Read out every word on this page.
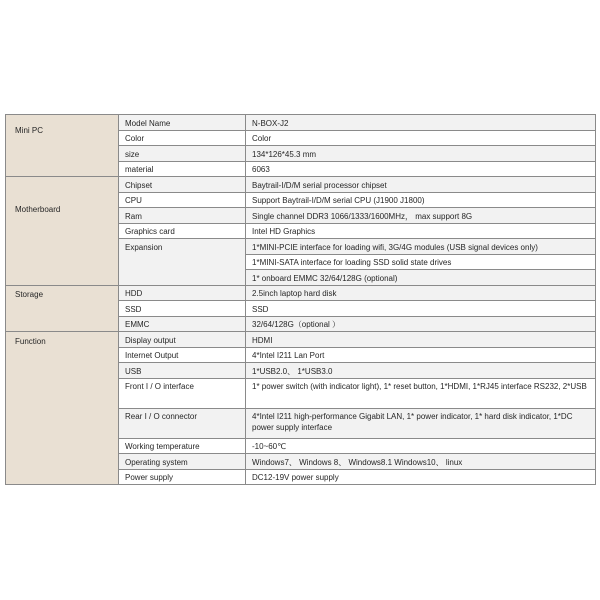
Mini PC	Model Name	N-BOX-J2
	Color	Color
	size	134*126*45.3 mm
	material	6063
Motherboard	Chipset	Baytrail-I/D/M serial processor chipset
	CPU	Support Baytrail-I/D/M serial CPU (J1900 J1800)
	Ram	Single channel DDR3 1066/1333/1600MHz， max support 8G
	Graphics card	Intel HD Graphics
	Expansion	1*MINI-PCIE interface for loading wifi, 3G/4G modules (USB signal devices only)
		1*MINI-SATA interface for loading SSD solid state drives
		1* onboard EMMC 32/64/128G (optional)
Storage	HDD	2.5inch laptop hard disk
	SSD	SSD
	EMMC	32/64/128G（optional ）
Function	Display output	HDMI
	Internet Output	4*Intel I211 Lan Port
	USB	1*USB2.0、 1*USB3.0
	Front I / O interface	1* power switch (with indicator light), 1* reset button, 1*HDMI, 1*RJ45 interface RS232, 2*USB
	Rear I / O connector	4*Intel I211 high-performance Gigabit LAN, 1* power indicator, 1* hard disk indicator, 1*DC power supply interface
	Working temperature	-10~60℃
	Operating system	Windows7、 Windows 8、 Windows8.1 Windows10、 linux
	Power supply	DC12-19V power supply
